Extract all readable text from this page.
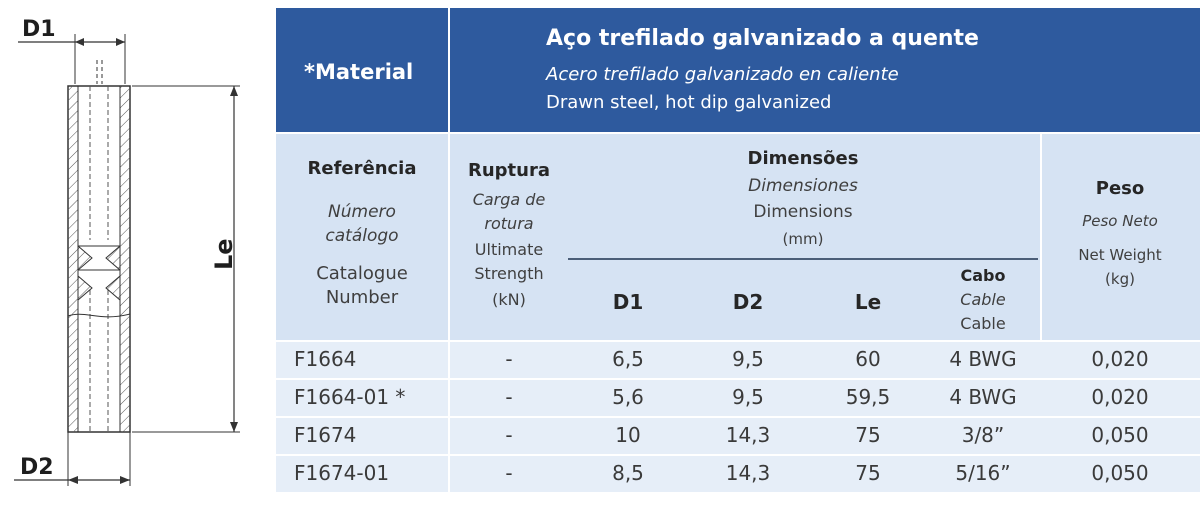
D1
Le
D2
*Material
Aço trefilado galvanizado a quente
Acero trefilado galvanizado en caliente
Drawn steel, hot dip galvanized
Referência
Número catálogo
Catalogue Number
Ruptura
Carga de rotura
Ultimate Strength
(kN)
Dimensões
Dimensiones
Dimensions
(mm)
D1	D2	Le
Cabo
Cable
Cable
Peso
Peso Neto
Net Weight
(kg)
F1664	-	6,5	9,5	60	4 BWG	0,020
F1664-01 *	-	5,6	9,5	59,5	4 BWG	0,020
F1674	-	10	14,3	75	3/8”	0,050
F1674-01	-	8,5	14,3	75	5/16”	0,050
